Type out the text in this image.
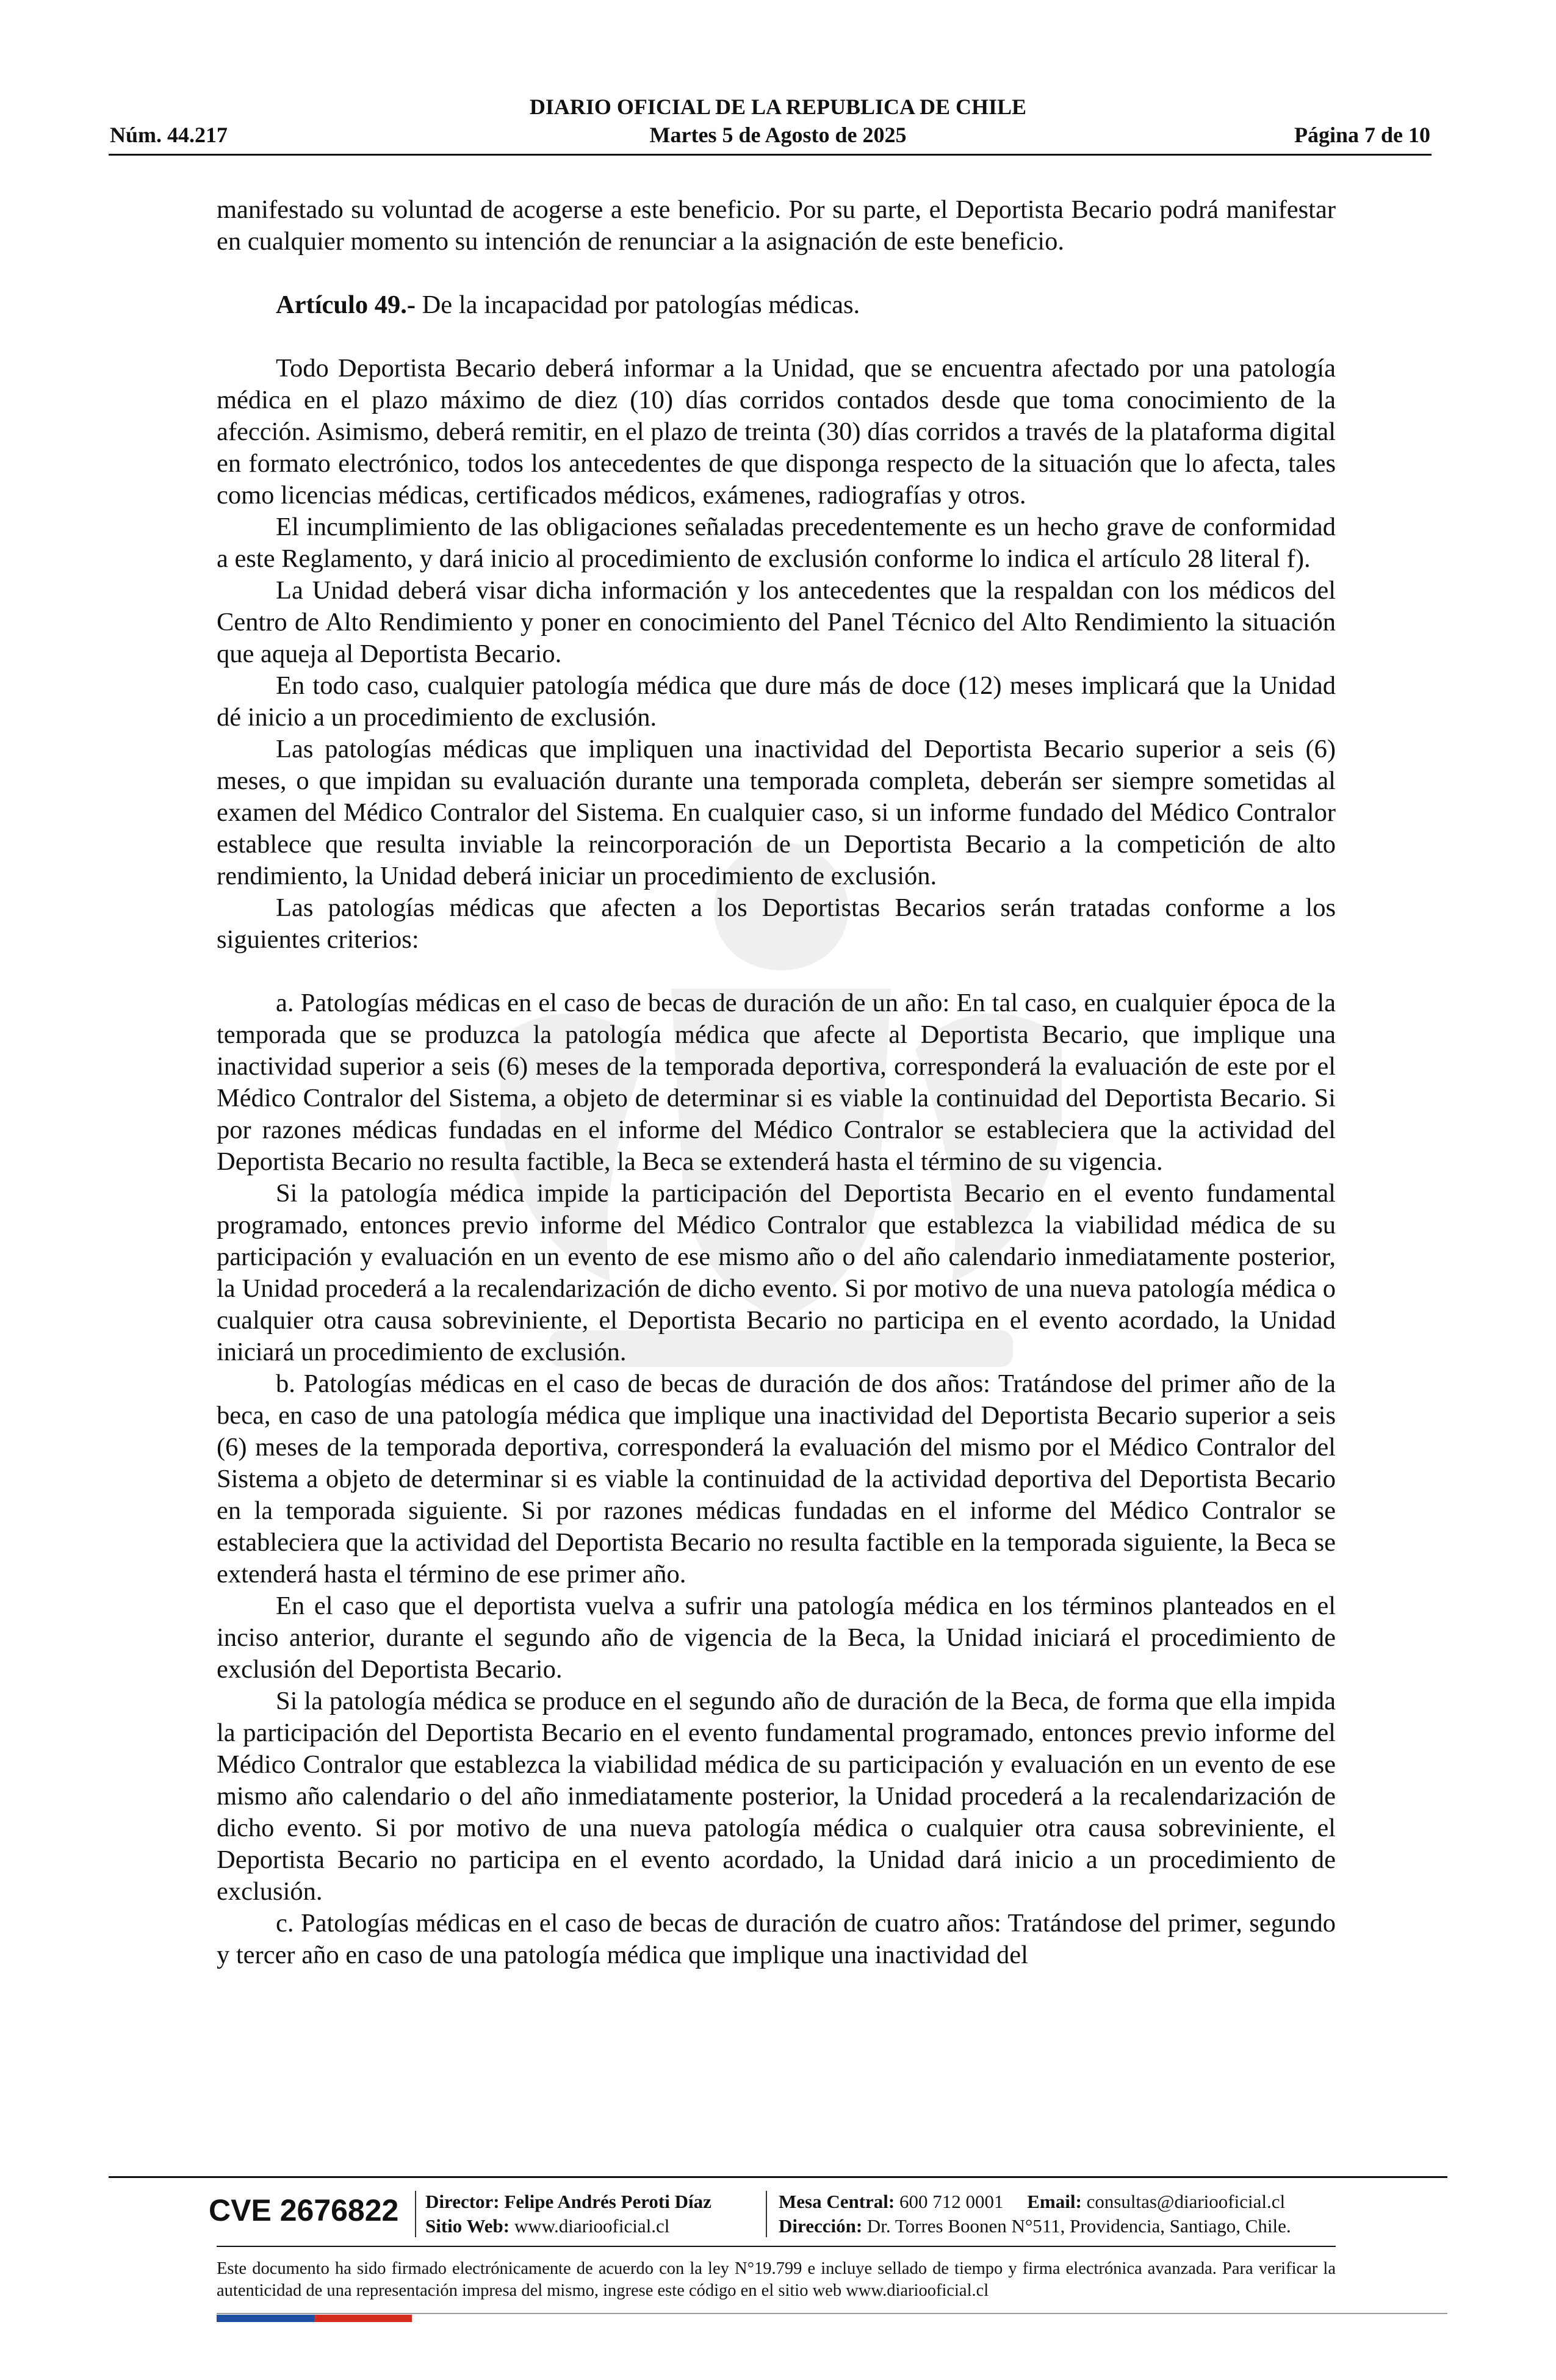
DIARIO OFICIAL DE LA REPUBLICA DE CHILE
Núm. 44.217	Martes 5 de Agosto de 2025	Página 7 de 10

manifestado su voluntad de acogerse a este beneficio. Por su parte, el Deportista Becario podrá manifestar en cualquier momento su intención de renunciar a la asignación de este beneficio.

Artículo 49.- De la incapacidad por patologías médicas.

Todo Deportista Becario deberá informar a la Unidad, que se encuentra afectado por una patología médica en el plazo máximo de diez (10) días corridos contados desde que toma conocimiento de la afección. Asimismo, deberá remitir, en el plazo de treinta (30) días corridos a través de la plataforma digital en formato electrónico, todos los antecedentes de que disponga respecto de la situación que lo afecta, tales como licencias médicas, certificados médicos, exámenes, radiografías y otros.

El incumplimiento de las obligaciones señaladas precedentemente es un hecho grave de conformidad a este Reglamento, y dará inicio al procedimiento de exclusión conforme lo indica el artículo 28 literal f).

La Unidad deberá visar dicha información y los antecedentes que la respaldan con los médicos del Centro de Alto Rendimiento y poner en conocimiento del Panel Técnico del Alto Rendimiento la situación que aqueja al Deportista Becario.

En todo caso, cualquier patología médica que dure más de doce (12) meses implicará que la Unidad dé inicio a un procedimiento de exclusión.

Las patologías médicas que impliquen una inactividad del Deportista Becario superior a seis (6) meses, o que impidan su evaluación durante una temporada completa, deberán ser siempre sometidas al examen del Médico Contralor del Sistema. En cualquier caso, si un informe fundado del Médico Contralor establece que resulta inviable la reincorporación de un Deportista Becario a la competición de alto rendimiento, la Unidad deberá iniciar un procedimiento de exclusión.

Las patologías médicas que afecten a los Deportistas Becarios serán tratadas conforme a los siguientes criterios:

a. Patologías médicas en el caso de becas de duración de un año: En tal caso, en cualquier época de la temporada que se produzca la patología médica que afecte al Deportista Becario, que implique una inactividad superior a seis (6) meses de la temporada deportiva, corresponderá la evaluación de este por el Médico Contralor del Sistema, a objeto de determinar si es viable la continuidad del Deportista Becario. Si por razones médicas fundadas en el informe del Médico Contralor se estableciera que la actividad del Deportista Becario no resulta factible, la Beca se extenderá hasta el término de su vigencia.

Si la patología médica impide la participación del Deportista Becario en el evento fundamental programado, entonces previo informe del Médico Contralor que establezca la viabilidad médica de su participación y evaluación en un evento de ese mismo año o del año calendario inmediatamente posterior, la Unidad procederá a la recalendarización de dicho evento. Si por motivo de una nueva patología médica o cualquier otra causa sobreviniente, el Deportista Becario no participa en el evento acordado, la Unidad iniciará un procedimiento de exclusión.

b. Patologías médicas en el caso de becas de duración de dos años: Tratándose del primer año de la beca, en caso de una patología médica que implique una inactividad del Deportista Becario superior a seis (6) meses de la temporada deportiva, corresponderá la evaluación del mismo por el Médico Contralor del Sistema a objeto de determinar si es viable la continuidad de la actividad deportiva del Deportista Becario en la temporada siguiente. Si por razones médicas fundadas en el informe del Médico Contralor se estableciera que la actividad del Deportista Becario no resulta factible en la temporada siguiente, la Beca se extenderá hasta el término de ese primer año.

En el caso que el deportista vuelva a sufrir una patología médica en los términos planteados en el inciso anterior, durante el segundo año de vigencia de la Beca, la Unidad iniciará el procedimiento de exclusión del Deportista Becario.

Si la patología médica se produce en el segundo año de duración de la Beca, de forma que ella impida la participación del Deportista Becario en el evento fundamental programado, entonces previo informe del Médico Contralor que establezca la viabilidad médica de su participación y evaluación en un evento de ese mismo año calendario o del año inmediatamente posterior, la Unidad procederá a la recalendarización de dicho evento. Si por motivo de una nueva patología médica o cualquier otra causa sobreviniente, el Deportista Becario no participa en el evento acordado, la Unidad dará inicio a un procedimiento de exclusión.

c. Patologías médicas en el caso de becas de duración de cuatro años: Tratándose del primer, segundo y tercer año en caso de una patología médica que implique una inactividad del

CVE 2676822 Director: Felipe Andrés Peroti Díaz
Sitio Web: www.diariooficial.cl
Mesa Central: 600 712 0001 Email: consultas@diariooficial.cl
Dirección: Dr. Torres Boonen N°511, Providencia, Santiago, Chile.
Este documento ha sido firmado electrónicamente de acuerdo con la ley N°19.799 e incluye sellado de tiempo y firma electrónica avanzada. Para verificar la autenticidad de una representación impresa del mismo, ingrese este código en el sitio web www.diariooficial.cl
